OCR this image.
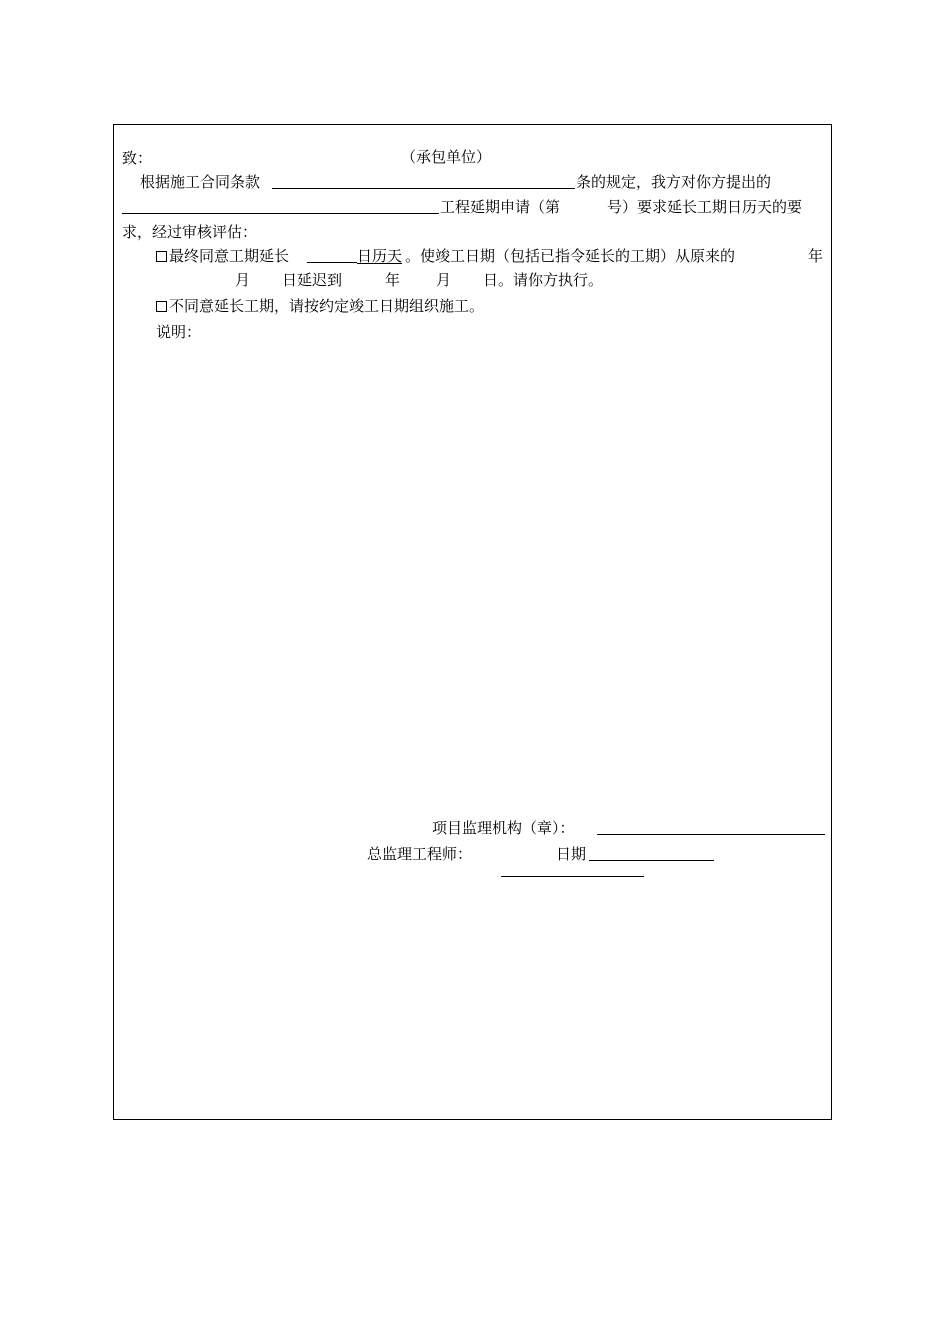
致：	（承包单位）
根据施工合同条款	条的规定，我方对你方提出的
工程延期申请（第	号）要求延长工期日历天的要
求，经过审核评估：
最终同意工期延长	日历天 。使竣工日期（包括已指令延长的工期）从原来的	年
月 日延迟到	年 月 日。请你方执行。
不同意延长工期，请按约定竣工日期组织施工。
说明：
项目监理机构（章）：
总监理工程师：	日期
